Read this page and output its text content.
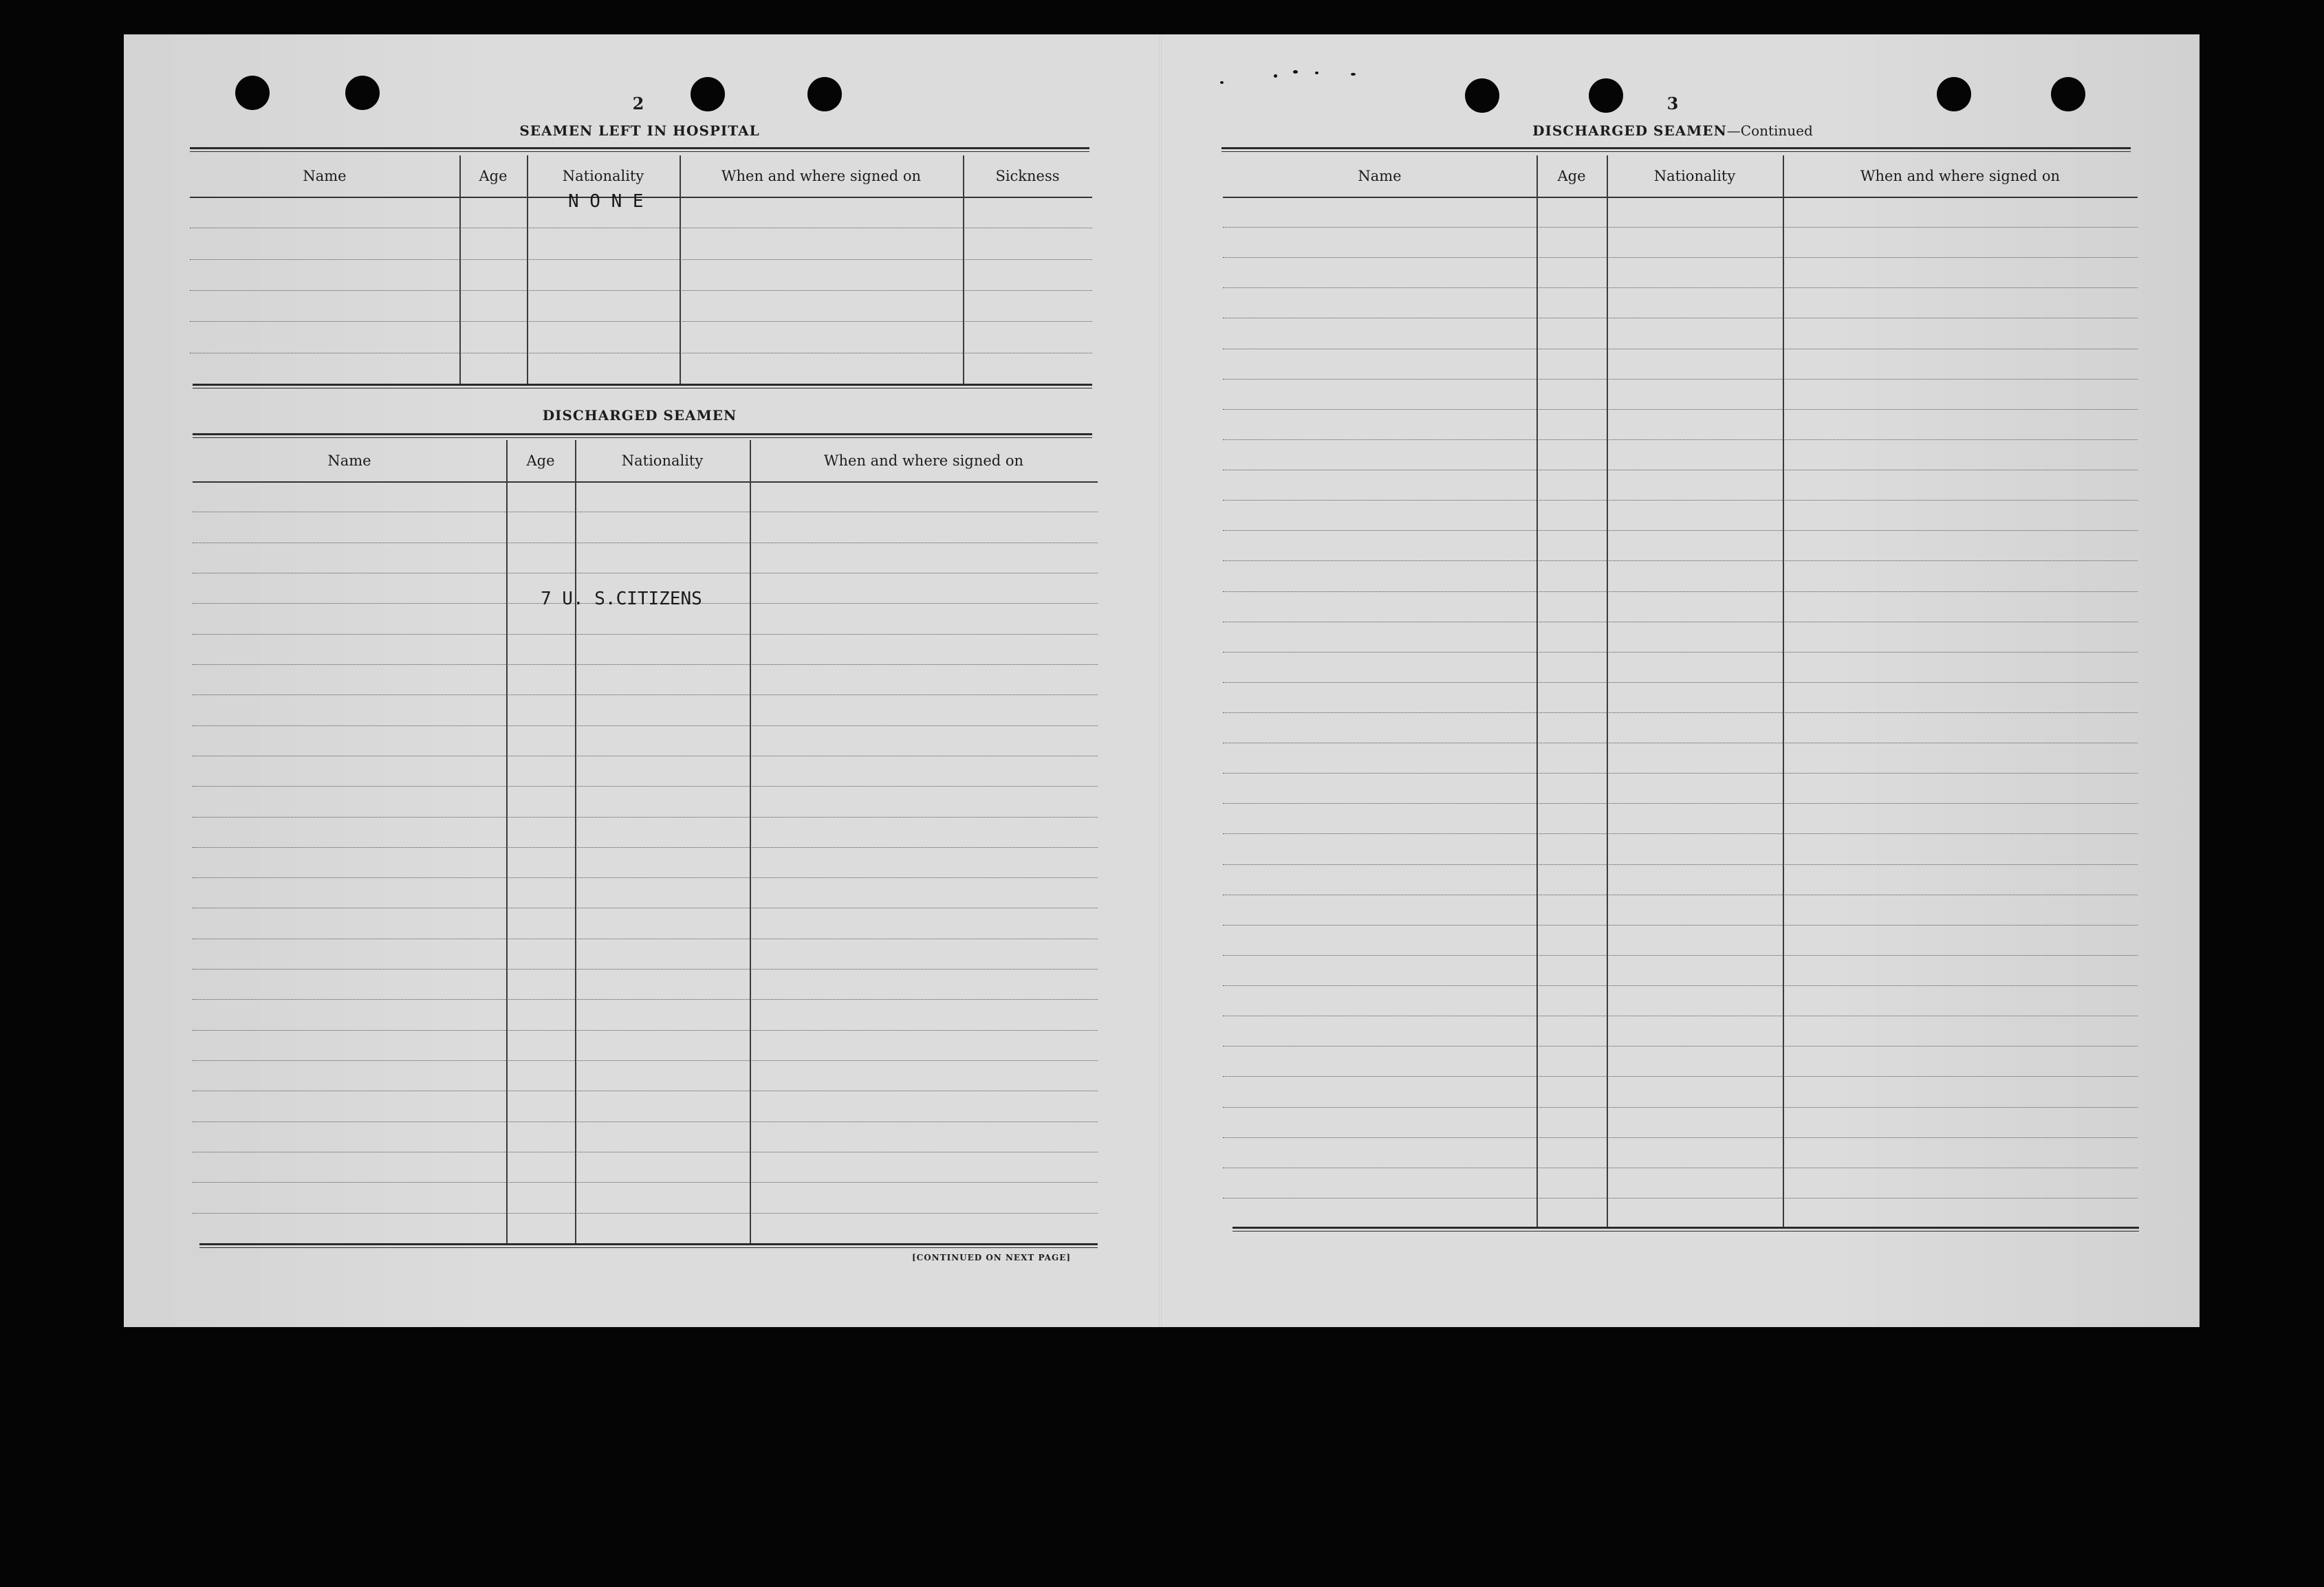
2
SEAMEN LEFT IN HOSPITAL
Name	Age	Nationality	When and where signed on	Sickness
N O N E
DISCHARGED SEAMEN
Name	Age	Nationality	When and where signed on
7 U. S.CITIZENS
[CONTINUED ON NEXT PAGE]
3
DISCHARGED SEAMEN—Continued
Name	Age	Nationality	When and where signed on
